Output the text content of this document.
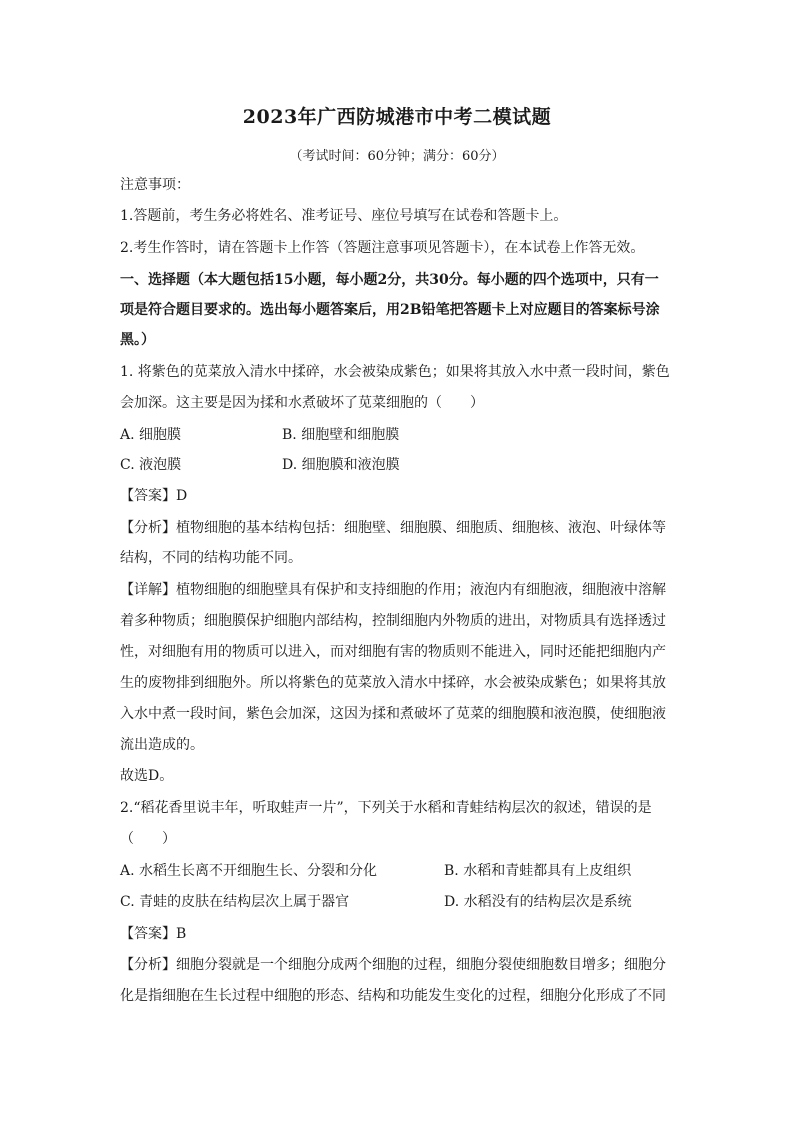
2023年广西防城港市中考二模试题
（考试时间：60分钟；满分：60分）
注意事项：
1.答题前，考生务必将姓名、准考证号、座位号填写在试卷和答题卡上。
2.考生作答时，请在答题卡上作答（答题注意事项见答题卡），在本试卷上作答无效。
一、选择题（本大题包括15小题，每小题2分，共30分。每小题的四个选项中，只有一
项是符合题目要求的。选出每小题答案后，用2B铅笔把答题卡上对应题目的答案标号涂
黑。）
1. 将紫色的苋菜放入清水中揉碎，水会被染成紫色；如果将其放入水中煮一段时间，紫色
会加深。这主要是因为揉和水煮破坏了苋菜细胞的（　　）
A. 细胞膜	B. 细胞壁和细胞膜
C. 液泡膜	D. 细胞膜和液泡膜
【答案】D
【分析】植物细胞的基本结构包括：细胞壁、细胞膜、细胞质、细胞核、液泡、叶绿体等
结构，不同的结构功能不同。
【详解】植物细胞的细胞壁具有保护和支持细胞的作用；液泡内有细胞液，细胞液中溶解
着多种物质；细胞膜保护细胞内部结构，控制细胞内外物质的进出，对物质具有选择透过
性，对细胞有用的物质可以进入，而对细胞有害的物质则不能进入，同时还能把细胞内产
生的废物排到细胞外。所以将紫色的苋菜放入清水中揉碎，水会被染成紫色；如果将其放
入水中煮一段时间，紫色会加深，这因为揉和煮破坏了苋菜的细胞膜和液泡膜，使细胞液
流出造成的。
故选D。
2.“稻花香里说丰年，听取蛙声一片”，下列关于水稻和青蛙结构层次的叙述，错误的是
（　　）
A. 水稻生长离不开细胞生长、分裂和分化	B. 水稻和青蛙都具有上皮组织
C. 青蛙的皮肤在结构层次上属于器官	D. 水稻没有的结构层次是系统
【答案】B
【分析】细胞分裂就是一个细胞分成两个细胞的过程，细胞分裂使细胞数目增多；细胞分
化是指细胞在生长过程中细胞的形态、结构和功能发生变化的过程，细胞分化形成了不同
